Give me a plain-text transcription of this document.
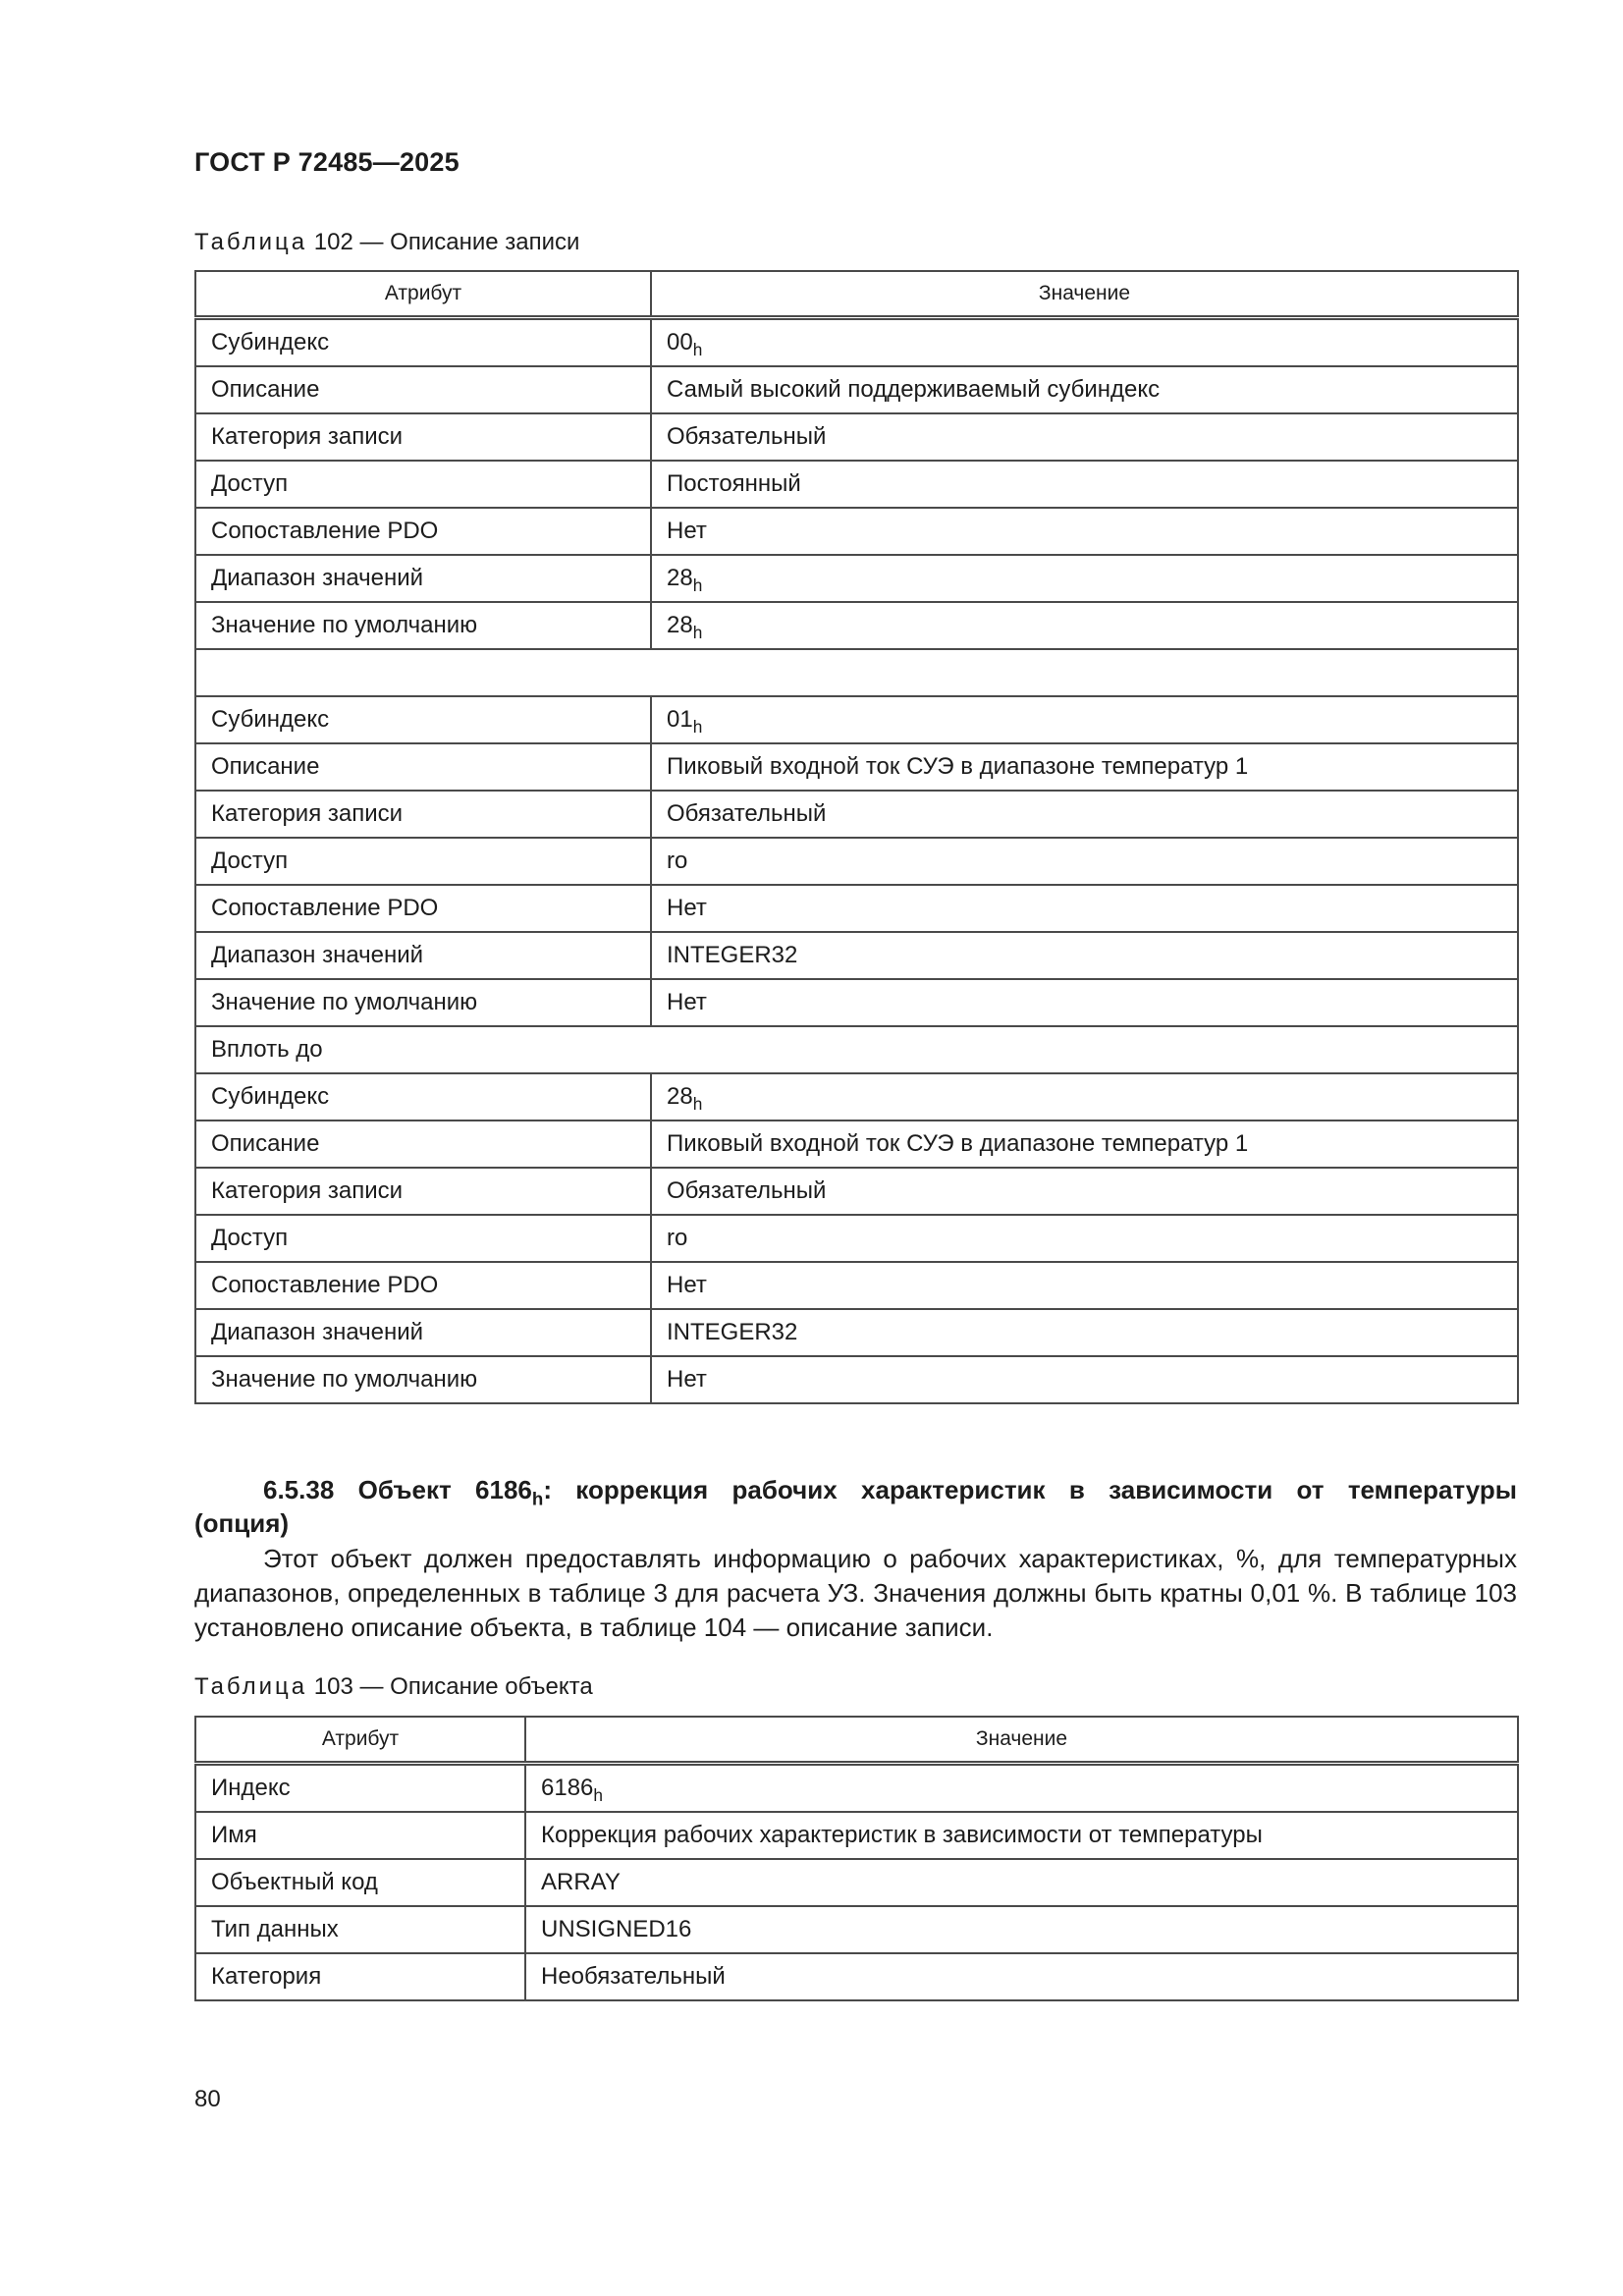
ГОСТ Р 72485—2025
Таблица 102 — Описание записи
Атрибут	Значение
Субиндекс	$00_h$
Описание	Самый высокий поддерживаемый субиндекс
Категория записи	Обязательный
Доступ	Постоянный
Сопоставление PDO	Нет
Диапазон значений	$28_h$
Значение по умолчанию	$28_h$

Субиндекс	$01_h$
Описание	Пиковый входной ток СУЭ в диапазоне температур 1
Категория записи	Обязательный
Доступ	ro
Сопоставление PDO	Нет
Диапазон значений	INTEGER32
Значение по умолчанию	Нет
Вплоть до	
Субиндекс	$28_h$
Описание	Пиковый входной ток СУЭ в диапазоне температур 1
Категория записи	Обязательный
Доступ	ro
Сопоставление PDO	Нет
Диапазон значений	INTEGER32
Значение по умолчанию	Нет
6.5.38 Объект $6186_h$: коррекция рабочих характеристик в зависимости от температуры
(опция)
Этот объект должен предоставлять информацию о рабочих характеристиках, %, для температурных диапазонов, определенных в таблице 3 для расчета УЗ. Значения должны быть кратны 0,01 %. В таблице 103 установлено описание объекта, в таблице 104 — описание записи.
Таблица 103 — Описание объекта
Атрибут	Значение
Индекс	$6186_h$
Имя	Коррекция рабочих характеристик в зависимости от температуры
Объектный код	ARRAY
Тип данных	UNSIGNED16
Категория	Необязательный
80
